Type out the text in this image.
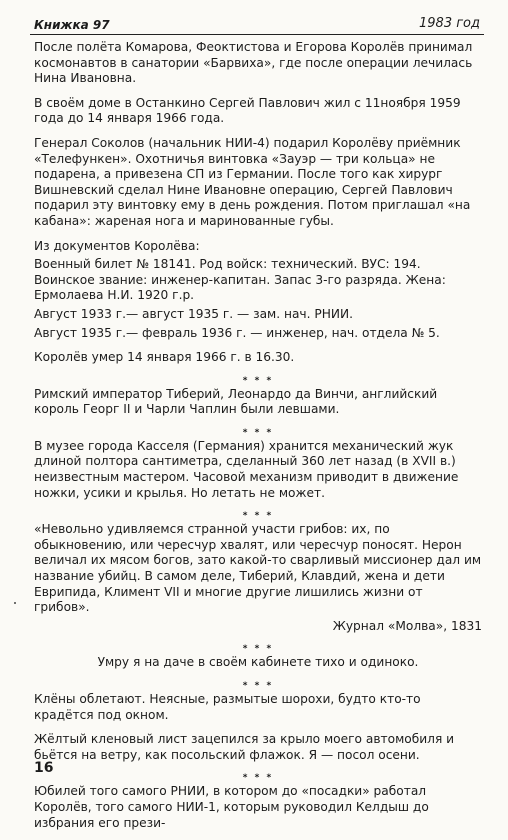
Книжка 97	1983 год

После полёта Комарова, Феоктистова и Егорова Королёв принимал космонавтов в санатории «Барвиха», где после операции лечилась Нина Ивановна.

В своём доме в Останкино Сергей Павлович жил с 11ноября 1959 года до 14 января 1966 года.

Генерал Соколов (начальник НИИ-4) подарил Королёву приёмник «Телефункен». Охотничья винтовка «Зауэр — три кольца» не подарена, а привезена СП из Германии. После того как хирург Вишневский сделал Нине Ивановне операцию, Сергей Павлович подарил эту винтовку ему в день рождения. Потом приглашал «на кабана»: жареная нога и маринованные губы.

Из документов Королёва:

Военный билет № 18141. Род войск: технический. ВУС: 194. Воинское звание: инженер-капитан. Запас 3-го разряда. Жена: Ермолаева Н.И. 1920 г.р.

Август 1933 г.— август 1935 г. — зам. нач. РНИИ.

Август 1935 г.— февраль 1936 г. — инженер, нач. отдела № 5.

Королёв умер 14 января 1966 г. в 16.30.

* * *

Римский император Тиберий, Леонардо да Винчи, английский король Георг II и Чарли Чаплин были левшами.

* * *

В музее города Касселя (Германия) хранится механический жук длиной полтора сантиметра, сделанный 360 лет назад (в XVII в.) неизвестным мастером. Часовой механизм приводит в движение ножки, усики и крылья. Но летать не может.

* * *

«Невольно удивляемся странной участи грибов: их, по обыкновению, или чересчур хвалят, или чересчур поносят. Нерон величал их мясом богов, зато какой-то сварливый миссионер дал им название убийц. В самом деле, Тиберий, Клавдий, жена и дети Еврипида, Климент VII и многие другие лишились жизни от грибов».

Журнал «Молва», 1831

* * *

Умру я на даче в своём кабинете тихо и одиноко.

* * *

Клёны облетают. Неясные, размытые шорохи, будто кто-то крадётся под окном.

Жёлтый кленовый лист зацепился за крыло моего автомобиля и бьётся на ветру, как посольский флажок. Я — посол осени.

* * *

Юбилей того самого РНИИ, в котором до «посадки» работал Королёв, того самого НИИ-1, которым руководил Келдыш до избрания его прези-

16
